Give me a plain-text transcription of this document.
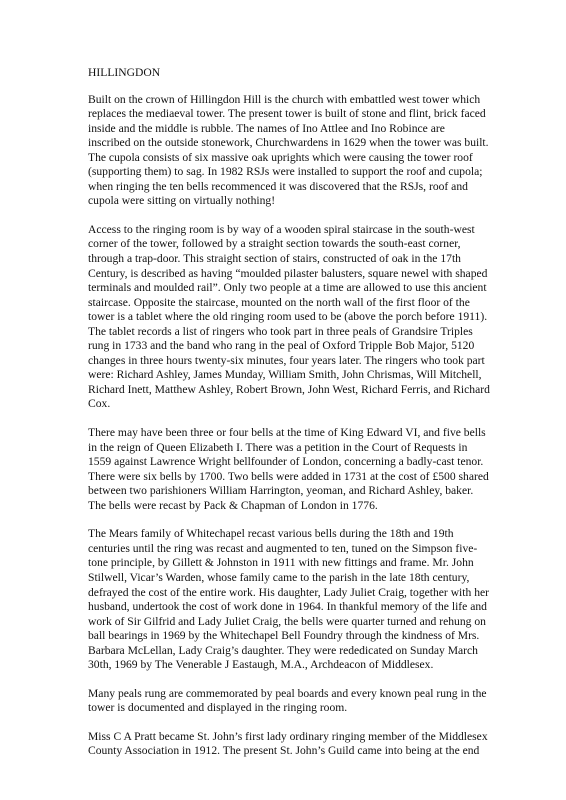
HILLINGDON

Built on the crown of Hillingdon Hill is the church with embattled west tower which replaces the mediaeval tower. The present tower is built of stone and flint, brick faced inside and the middle is rubble. The names of Ino Attlee and Ino Robince are inscribed on the outside stonework, Churchwardens in 1629 when the tower was built. The cupola consists of six massive oak uprights which were causing the tower roof (supporting them) to sag. In 1982 RSJs were installed to support the roof and cupola; when ringing the ten bells recommenced it was discovered that the RSJs, roof and cupola were sitting on virtually nothing!

Access to the ringing room is by way of a wooden spiral staircase in the south-west corner of the tower, followed by a straight section towards the south-east corner, through a trap-door. This straight section of stairs, constructed of oak in the 17th Century, is described as having “moulded pilaster balusters, square newel with shaped terminals and moulded rail”. Only two people at a time are allowed to use this ancient staircase. Opposite the staircase, mounted on the north wall of the first floor of the tower is a tablet where the old ringing room used to be (above the porch before 1911). The tablet records a list of ringers who took part in three peals of Grandsire Triples rung in 1733 and the band who rang in the peal of Oxford Tripple Bob Major, 5120 changes in three hours twenty-six minutes, four years later. The ringers who took part were: Richard Ashley, James Munday, William Smith, John Chrismas, Will Mitchell, Richard Inett, Matthew Ashley, Robert Brown, John West, Richard Ferris, and Richard Cox.

There may have been three or four bells at the time of King Edward VI, and five bells in the reign of Queen Elizabeth I. There was a petition in the Court of Requests in 1559 against Lawrence Wright bellfounder of London, concerning a badly-cast tenor. There were six bells by 1700. Two bells were added in 1731 at the cost of £500 shared between two parishioners William Harrington, yeoman, and Richard Ashley, baker. The bells were recast by Pack & Chapman of London in 1776.

The Mears family of Whitechapel recast various bells during the 18th and 19th centuries until the ring was recast and augmented to ten, tuned on the Simpson five-tone principle, by Gillett & Johnston in 1911 with new fittings and frame. Mr. John Stilwell, Vicar’s Warden, whose family came to the parish in the late 18th century, defrayed the cost of the entire work. His daughter, Lady Juliet Craig, together with her husband, undertook the cost of work done in 1964. In thankful memory of the life and work of Sir Gilfrid and Lady Juliet Craig, the bells were quarter turned and rehung on ball bearings in 1969 by the Whitechapel Bell Foundry through the kindness of Mrs. Barbara McLellan, Lady Craig’s daughter. They were rededicated on Sunday March 30th, 1969 by The Venerable J Eastaugh, M.A., Archdeacon of Middlesex.

Many peals rung are commemorated by peal boards and every known peal rung in the tower is documented and displayed in the ringing room.

Miss C A Pratt became St. John’s first lady ordinary ringing member of the Middlesex County Association in 1912. The present St. John’s Guild came into being at the end
